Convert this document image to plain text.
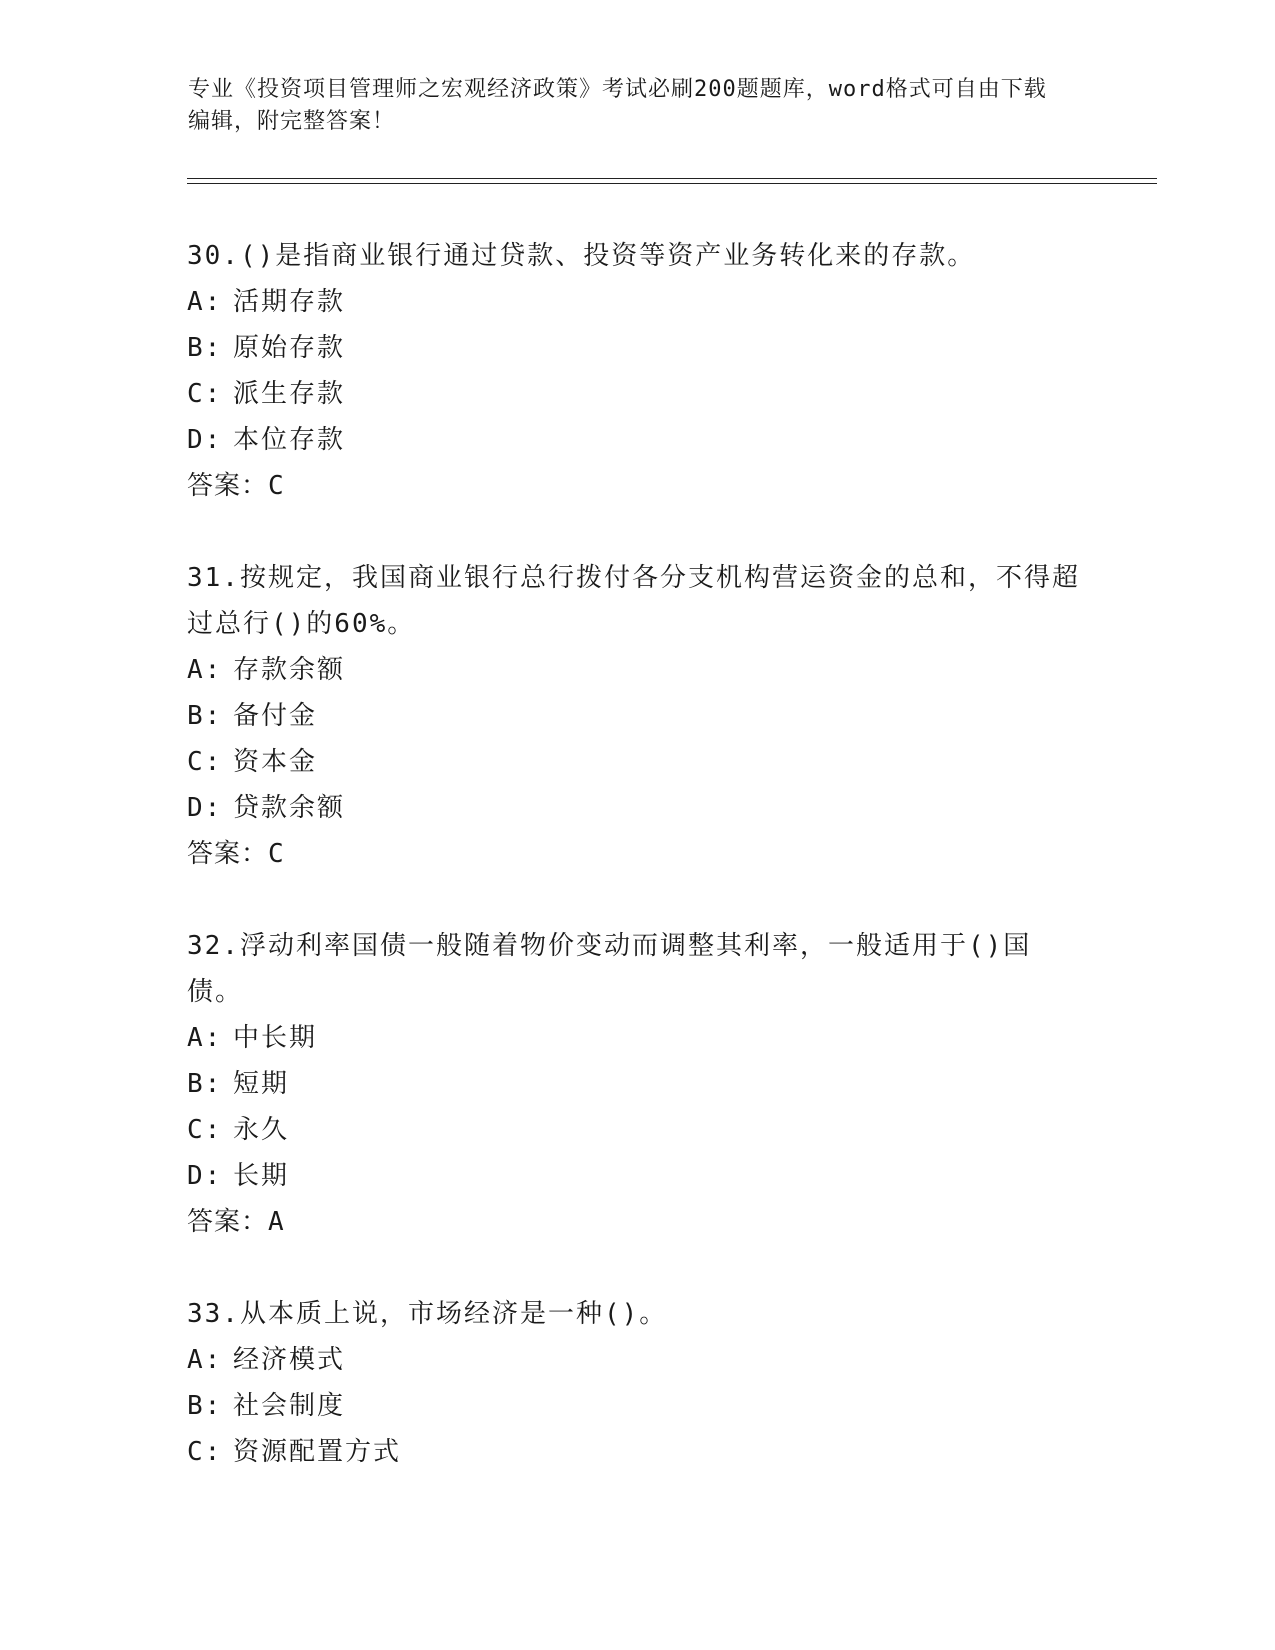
专业《投资项目管理师之宏观经济政策》考试必刷200题题库，word格式可自由下载编辑，附完整答案！
30.()是指商业银行通过贷款、投资等资产业务转化来的存款。
A: 活期存款
B: 原始存款
C: 派生存款
D: 本位存款
答案：C
31.按规定，我国商业银行总行拨付各分支机构营运资金的总和，不得超过总行()的60%。
A: 存款余额
B: 备付金
C: 资本金
D: 贷款余额
答案：C
32.浮动利率国债一般随着物价变动而调整其利率，一般适用于()国债。
A: 中长期
B: 短期
C: 永久
D: 长期
答案：A
33.从本质上说，市场经济是一种()。
A: 经济模式
B: 社会制度
C: 资源配置方式
